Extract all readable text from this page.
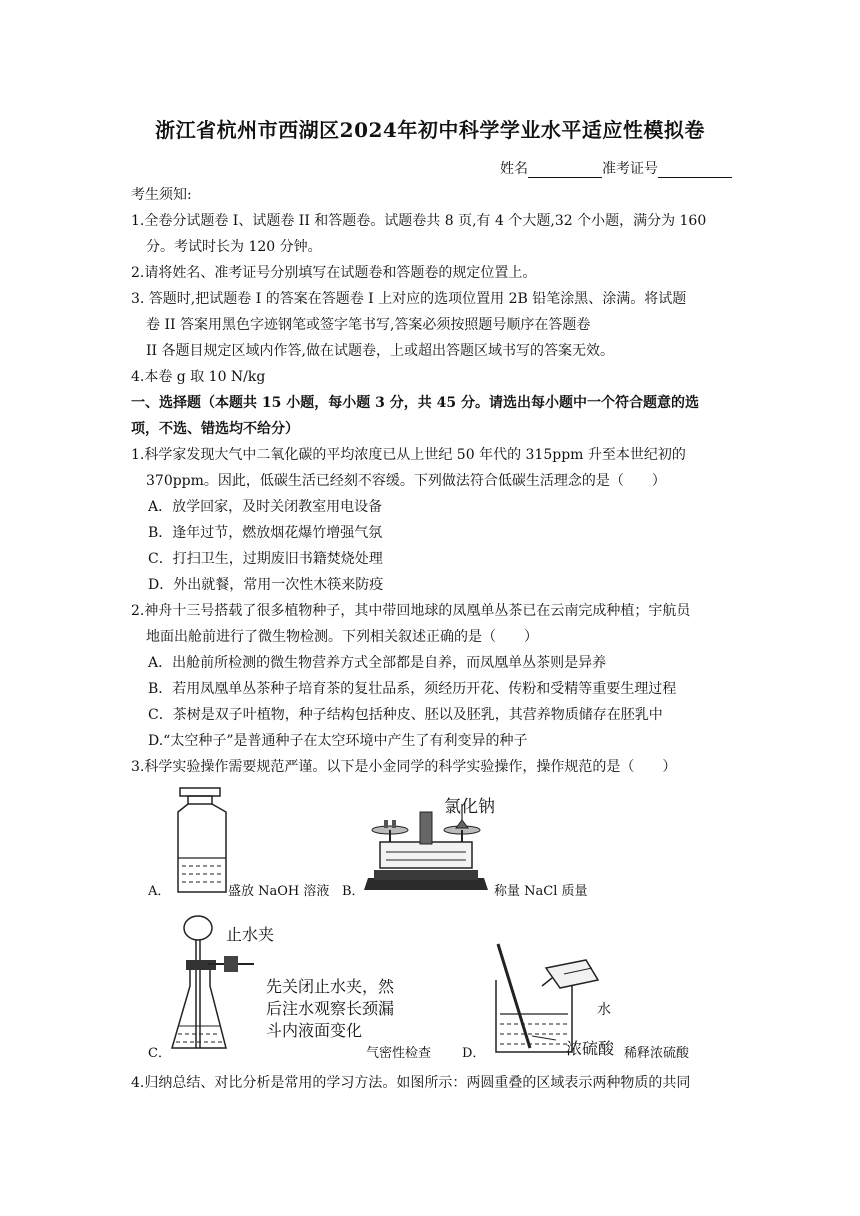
浙江省杭州市西湖区2024年初中科学学业水平适应性模拟卷
姓名	准考证号
考生须知:
1.全卷分试题卷 I、试题卷 II 和答题卷。试题卷共 8 页,有 4 个大题,32 个小题，满分为 160
分。考试时长为 120 分钟。
2.请将姓名、准考证号分别填写在试题卷和答题卷的规定位置上。
3. 答题时,把试题卷 I 的答案在答题卷 I 上对应的选项位置用 2B 铅笔涂黑、涂满。将试题
卷 II 答案用黑色字迹钢笔或签字笔书写,答案必须按照题号顺序在答题卷
II 各题目规定区域内作答,做在试题卷，上或超出答题区域书写的答案无效。
4.本卷 g 取 10 N/kg
一、选择题（本题共 15 小题，每小题 3 分，共 45 分。请选出每小题中一个符合题意的选
项，不选、错选均不给分）
1.科学家发现大气中二氧化碳的平均浓度已从上世纪 50 年代的 315ppm 升至本世纪初的
370ppm。因此，低碳生活已经刻不容缓。下列做法符合低碳生活理念的是（　　）
A．放学回家，及时关闭教室用电设备
B．逢年过节，燃放烟花爆竹增强气氛
C．打扫卫生，过期废旧书籍焚烧处理
D．外出就餐，常用一次性木筷来防疫
2.神舟十三号搭载了很多植物种子，其中带回地球的凤凰单丛茶已在云南完成种植；宇航员
地面出舱前进行了微生物检测。下列相关叙述正确的是（　　）
A．出舱前所检测的微生物营养方式全部都是自养，而凤凰单丛茶则是异养
B．若用凤凰单丛茶种子培育茶的复壮品系，须经历开花、传粉和受精等重要生理过程
C．茶树是双子叶植物，种子结构包括种皮、胚以及胚乳，其营养物质储存在胚乳中
D.“太空种子”是普通种子在太空环境中产生了有利变异的种子
3.科学实验操作需要规范严谨。以下是小金同学的科学实验操作，操作规范的是（　　）
A．	盛放 NaOH 溶液 B．
氯化钠
称量 NaCl 质量
止水夹
先关闭止水夹，然
后注水观察长颈漏
斗内液面变化
C．	气密性检查 D．
水
浓硫酸 稀释浓硫酸
4.归纳总结、对比分析是常用的学习方法。如图所示：两圆重叠的区域表示两种物质的共同
